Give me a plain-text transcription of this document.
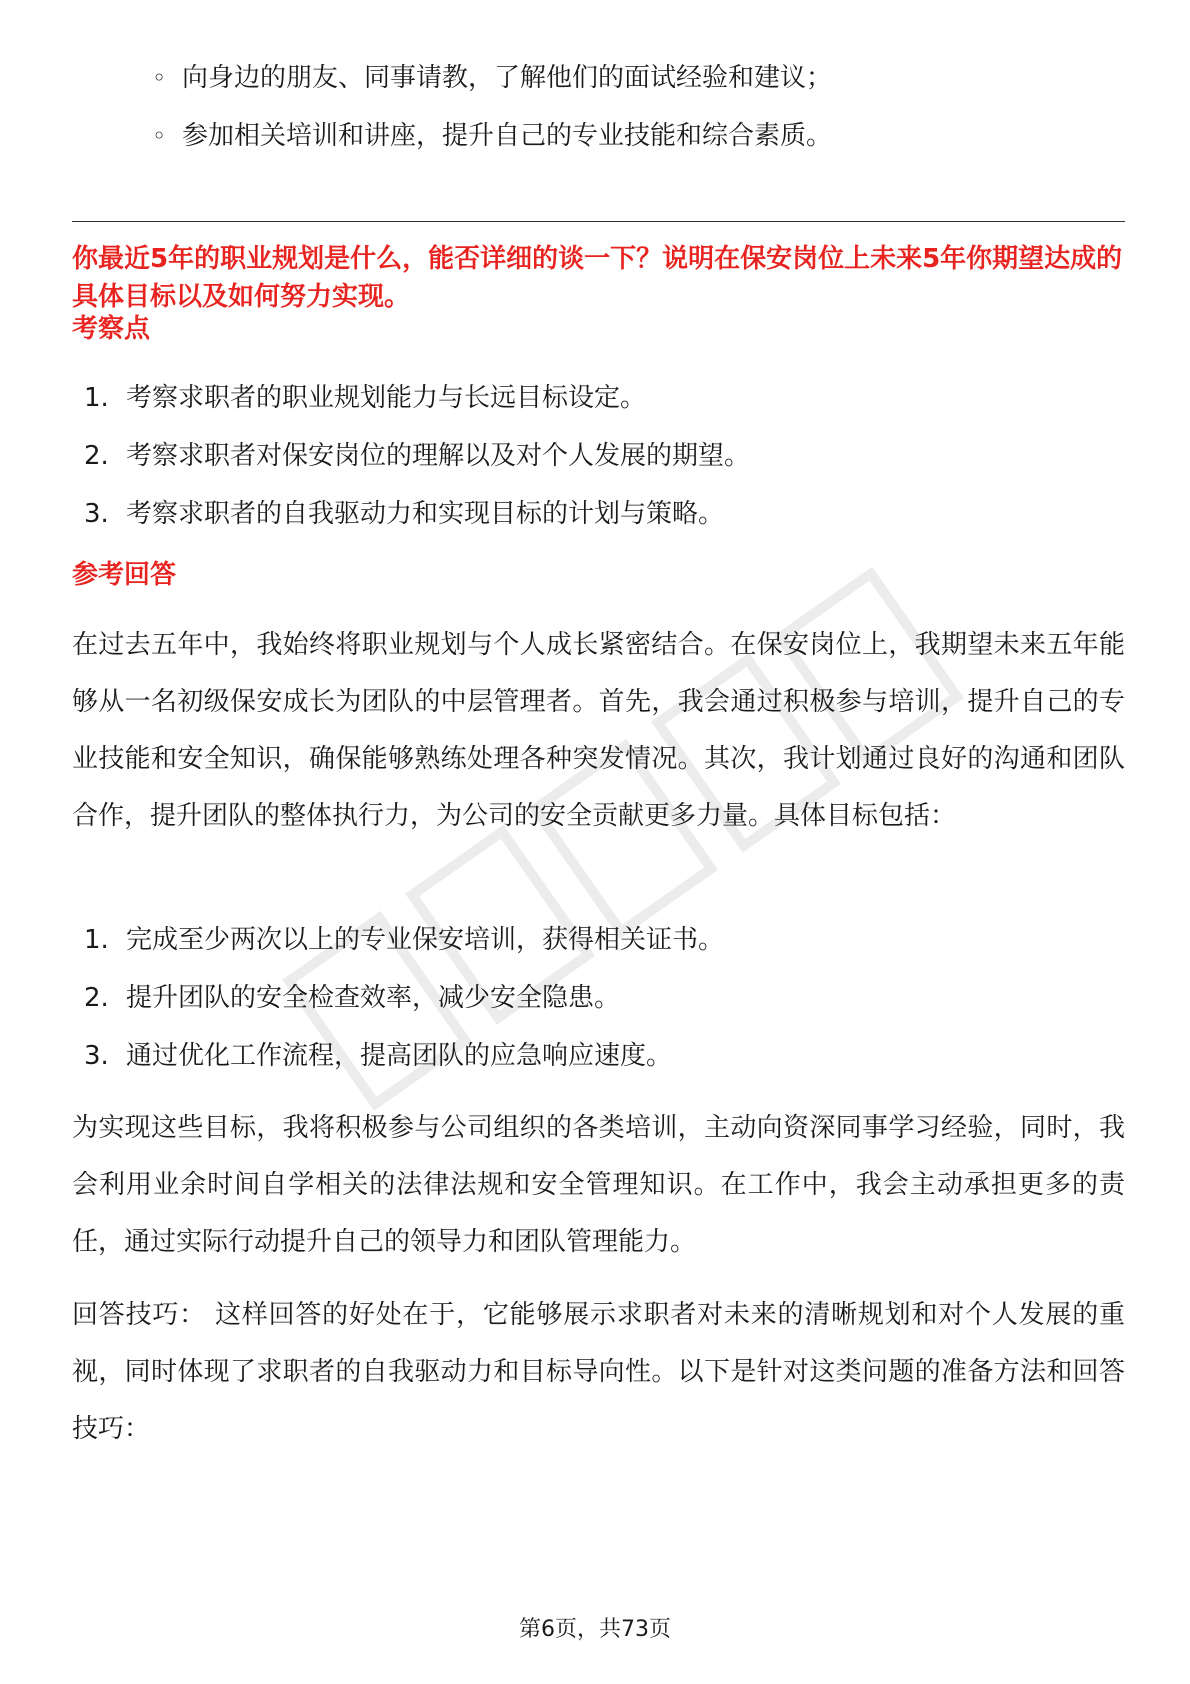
◦ 向身边的朋友、同事请教，了解他们的面试经验和建议；
◦ 参加相关培训和讲座，提升自己的专业技能和综合素质。
你最近5年的职业规划是什么，能否详细的谈一下？说明在保安岗位上未来5年你期望达成的具体目标以及如何努力实现。
考察点
1. 考察求职者的职业规划能力与长远目标设定。
2. 考察求职者对保安岗位的理解以及对个人发展的期望。
3. 考察求职者的自我驱动力和实现目标的计划与策略。
参考回答
在过去五年中，我始终将职业规划与个人成长紧密结合。在保安岗位上，我期望未来五年能够从一名初级保安成长为团队的中层管理者。首先，我会通过积极参与培训，提升自己的专业技能和安全知识，确保能够熟练处理各种突发情况。其次，我计划通过良好的沟通和团队合作，提升团队的整体执行力，为公司的安全贡献更多力量。具体目标包括：
1. 完成至少两次以上的专业保安培训，获得相关证书。
2. 提升团队的安全检查效率，减少安全隐患。
3. 通过优化工作流程，提高团队的应急响应速度。
为实现这些目标，我将积极参与公司组织的各类培训，主动向资深同事学习经验，同时，我会利用业余时间自学相关的法律法规和安全管理知识。在工作中，我会主动承担更多的责任，通过实际行动提升自己的领导力和团队管理能力。
回答技巧： 这样回答的好处在于，它能够展示求职者对未来的清晰规划和对个人发展的重视，同时体现了求职者的自我驱动力和目标导向性。以下是针对这类问题的准备方法和回答技巧：
第6页，共73页
